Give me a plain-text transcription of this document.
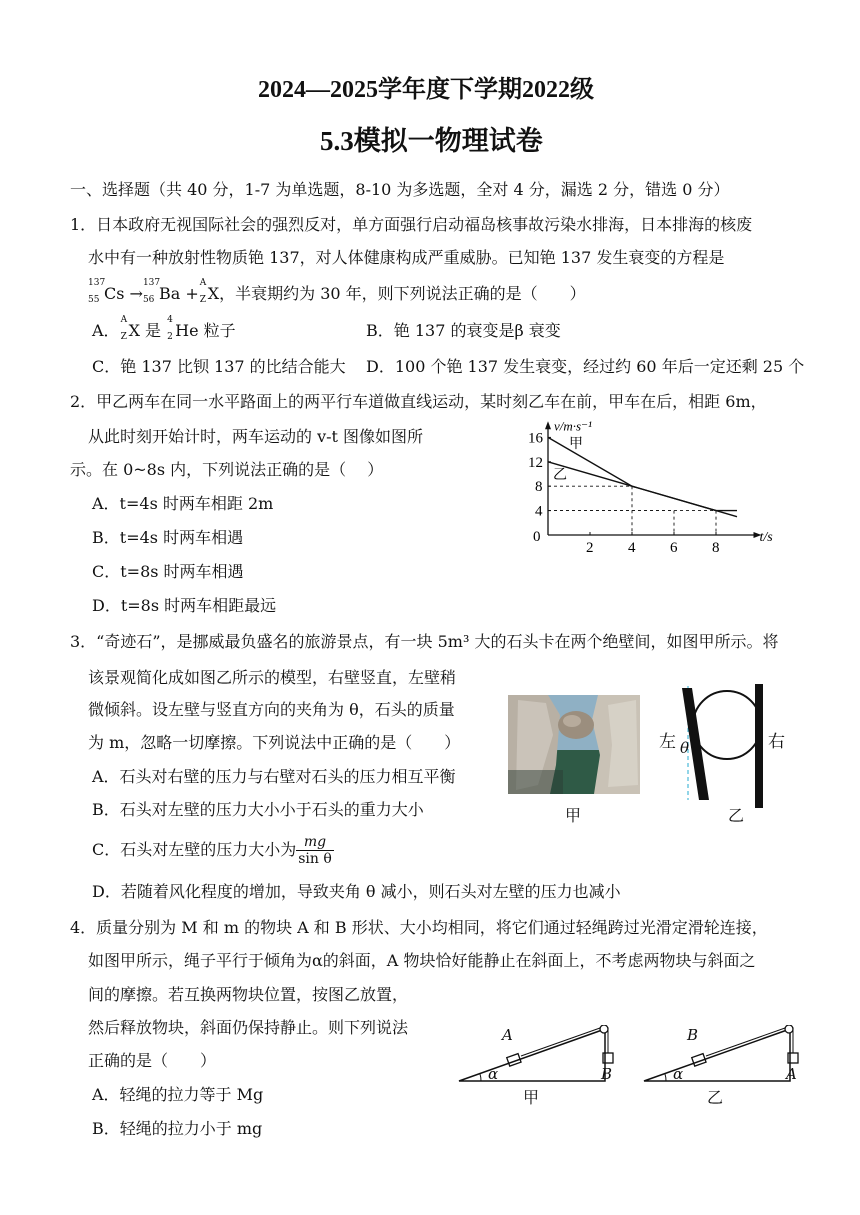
2024—2025学年度下学期2022级
5.3模拟一物理试卷
一、选择题（共 40 分，1-7 为单选题，8-10 为多选题，全对 4 分，漏选 2 分，错选 0 分）
1．日本政府无视国际社会的强烈反对，单方面强行启动福岛核事故污染水排海，日本排海的核废
水中有一种放射性物质铯 137，对人体健康构成严重威胁。已知铯 137 发生衰变的方程是
137
55 Cs →
137
56 Ba +
A
Z X，半衰期约为 30 年，则下列说法正确的是（　　）
A．
A
Z X 是
4
2 He 粒子	B．铯 137 的衰变是β 衰变
C．铯 137 比钡 137 的比结合能大 D．100 个铯 137 发生衰变，经过约 60 年后一定还剩 25 个
2．甲乙两车在同一水平路面上的两平行车道做直线运动，某时刻乙车在前，甲车在后，相距 6m，
从此时刻开始计时，两车运动的 v-t 图像如图所
示。在 0~8s 内，下列说法正确的是（　 ）
A．t=4s 时两车相距 2m
B．t=4s 时两车相遇
C．t=8s 时两车相遇
D．t=8s 时两车相距最远
v/m·s⁻¹
t/s
0
2 4 6 8
4
8
12
16 甲
乙
3．“奇迹石”，是挪威最负盛名的旅游景点，有一块 5m³ 大的石头卡在两个绝壁间，如图甲所示。将
该景观简化成如图乙所示的模型，右壁竖直，左壁稍
微倾斜。设左壁与竖直方向的夹角为 θ，石头的质量
为 m，忽略一切摩擦。下列说法中正确的是（　　）
A．石头对右壁的压力与右壁对石头的压力相互平衡
B．石头对左壁的压力大小小于石头的重力大小
C．石头对左壁的压力大小为 $\frac{mg}{\text{sin θ}}$
D．若随着风化程度的增加，导致夹角 θ 减小，则石头对左壁的压力也减小
甲
左 θ	右
乙
4．质量分别为 M 和 m 的物块 A 和 B 形状、大小均相同，将它们通过轻绳跨过光滑定滑轮连接，
如图甲所示，绳子平行于倾角为α的斜面，A 物块恰好能静止在斜面上，不考虑两物块与斜面之
间的摩擦。若互换两物块位置，按图乙放置，
然后释放物块，斜面仍保持静止。则下列说法
正确的是（　　）
A．轻绳的拉力等于 Mg
B．轻绳的拉力小于 mg
A
B
α
甲
B
A
α
乙
